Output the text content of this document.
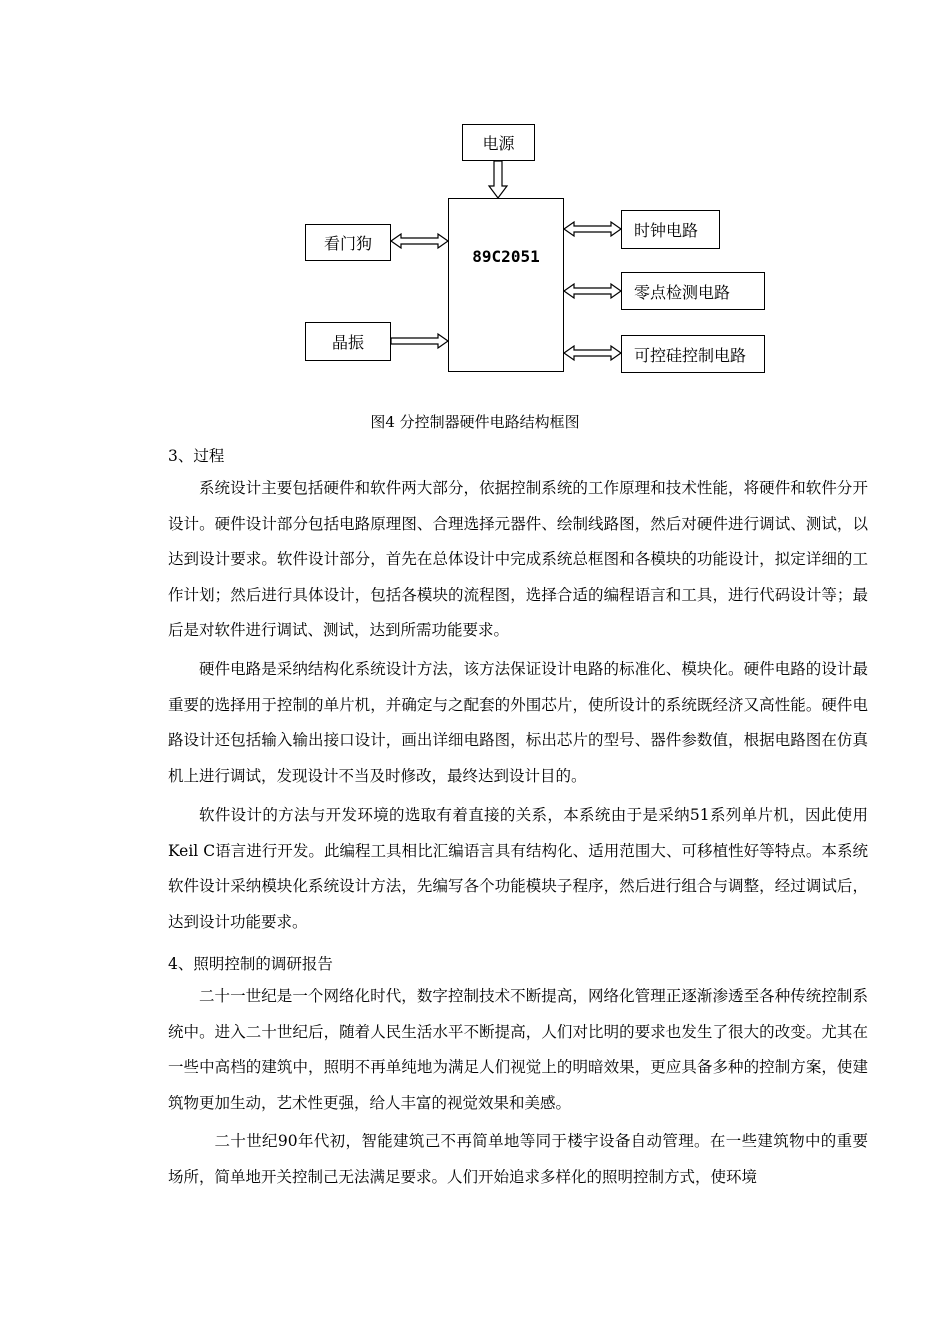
电源
89C2051
看门狗
晶振
时钟电路
零点检测电路
可控硅控制电路
图4 分控制器硬件电路结构框图
3、过程

系统设计主要包括硬件和软件两大部分，依据控制系统的工作原理和技术性能，将硬件和软件分开设计。硬件设计部分包括电路原理图、合理选择元器件、绘制线路图，然后对硬件进行调试、测试，以达到设计要求。软件设计部分，首先在总体设计中完成系统总框图和各模块的功能设计，拟定详细的工作计划；然后进行具体设计，包括各模块的流程图，选择合适的编程语言和工具，进行代码设计等；最后是对软件进行调试、测试，达到所需功能要求。

硬件电路是采纳结构化系统设计方法，该方法保证设计电路的标准化、模块化。硬件电路的设计最重要的选择用于控制的单片机，并确定与之配套的外围芯片，使所设计的系统既经济又高性能。硬件电路设计还包括输入输出接口设计，画出详细电路图，标出芯片的型号、器件参数值，根据电路图在仿真机上进行调试，发现设计不当及时修改，最终达到设计目的。

软件设计的方法与开发环境的选取有着直接的关系，本系统由于是采纳51系列单片机，因此使用Keil C语言进行开发。此编程工具相比汇编语言具有结构化、适用范围大、可移植性好等特点。本系统软件设计采纳模块化系统设计方法，先编写各个功能模块子程序，然后进行组合与调整，经过调试后，达到设计功能要求。

4、照明控制的调研报告

二十一世纪是一个网络化时代，数字控制技术不断提高，网络化管理正逐渐渗透至各种传统控制系统中。进入二十世纪后，随着人民生活水平不断提高，人们对比明的要求也发生了很大的改变。尤其在一些中高档的建筑中，照明不再单纯地为满足人们视觉上的明暗效果，更应具备多种的控制方案，使建筑物更加生动，艺术性更强，给人丰富的视觉效果和美感。

二十世纪90年代初，智能建筑己不再简单地等同于楼宇设备自动管理。在一些建筑物中的重要场所，简单地开关控制己无法满足要求。人们开始追求多样化的照明控制方式，使环境
